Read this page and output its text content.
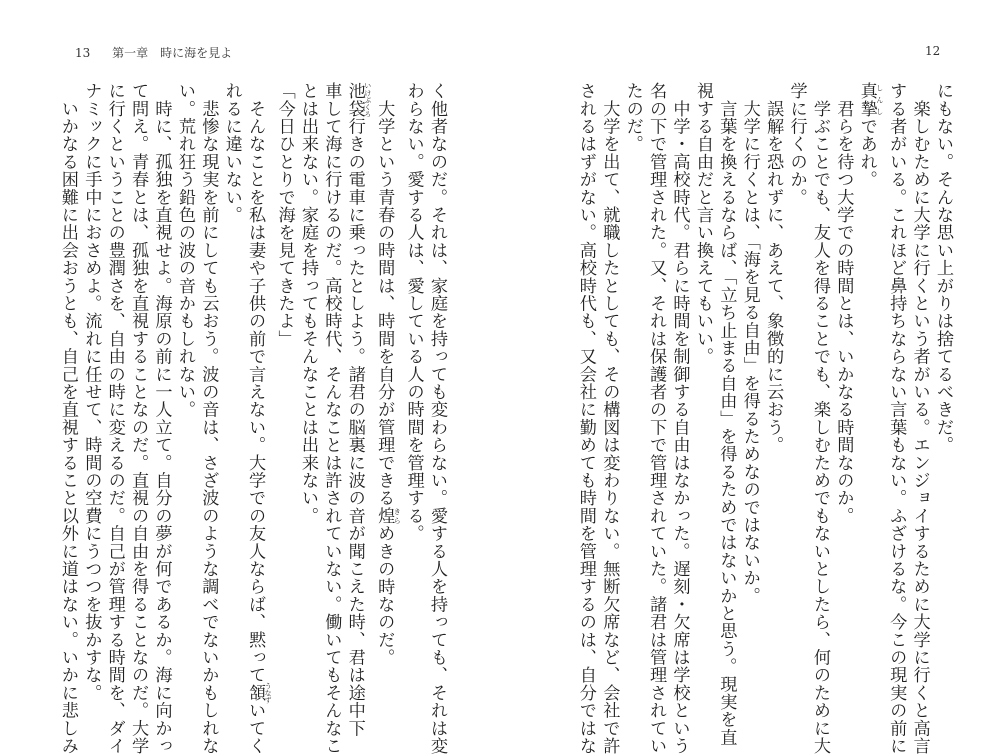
12
にもない。そんな思い上がりは捨てるべきだ。
　楽しむために大学に行くという者がいる。エンジョイするために大学に行くと高言
する者がいる。これほど鼻持ちならない言葉もない。ふざけるな。今この現実の前に
真摯 しんしであれ。
　君らを待つ大学での時間とは、いかなる時間なのか。
　学ぶことでも、友人を得ることでも、楽しむためでもないとしたら、何のために大
学に行くのか。
　誤解を恐れずに、あえて、象徴的に云おう。
　大学に行くとは、「海を見る自由」を得るためなのではないか。
　言葉を換えるならば、「立ち止まる自由」を得るためではないかと思う。現実を直
視する自由だと言い換えてもいい。
　中学・高校時代。君らに時間を制御する自由はなかった。遅刻・欠席は学校という
名の下で管理された。又、それは保護者の下で管理されていた。諸君は管理されてい
たのだ。
　大学を出て、就職したとしても、その構図は変わりない。無断欠席など、会社で許
されるはずがない。高校時代も、又会社に勤めても時間を管理するのは、自分ではな
13 第一章　時に海を見よ
く他者なのだ。それは、家庭を持っても変わらない。愛する人を持っても、それは変
わらない。愛する人は、愛している人の時間を管理する。
　大学という青春の時間は、時間を自分が管理できる煌 きらめきの時なのだ。
池袋 いけぶくろ行きの電車に乗ったとしよう。諸君の脳裏に波の音が聞こえた時、君は途中下
車して海に行けるのだ。高校時代、そんなことは許されていない。働いてもそんなこ
とは出来ない。家庭を持ってもそんなことは出来ない。
「今日ひとりで海を見てきたよ」
　そんなことを私は妻や子供の前で言えない。大学での友人ならば、黙って頷 うなずいてく
れるに違いない。
　悲惨な現実を前にしても云おう。波の音は、さざ波のような調べでないかもしれな
い。荒れ狂う鉛色の波の音かもしれない。
　時に、孤独を直視せよ。海原の前に一人立て。自分の夢が何であるか。海に向かっ
て問え。青春とは、孤独を直視することなのだ。直視の自由を得ることなのだ。大学
に行くということの豊潤さを、自由の時に変えるのだ。自己が管理する時間を、ダイ
ナミックに手中におさめよ。流れに任せて、時間の空費にうつつを抜かすな。
　いかなる困難に出会おうとも、自己を直視すること以外に道はない。いかに悲しみ
